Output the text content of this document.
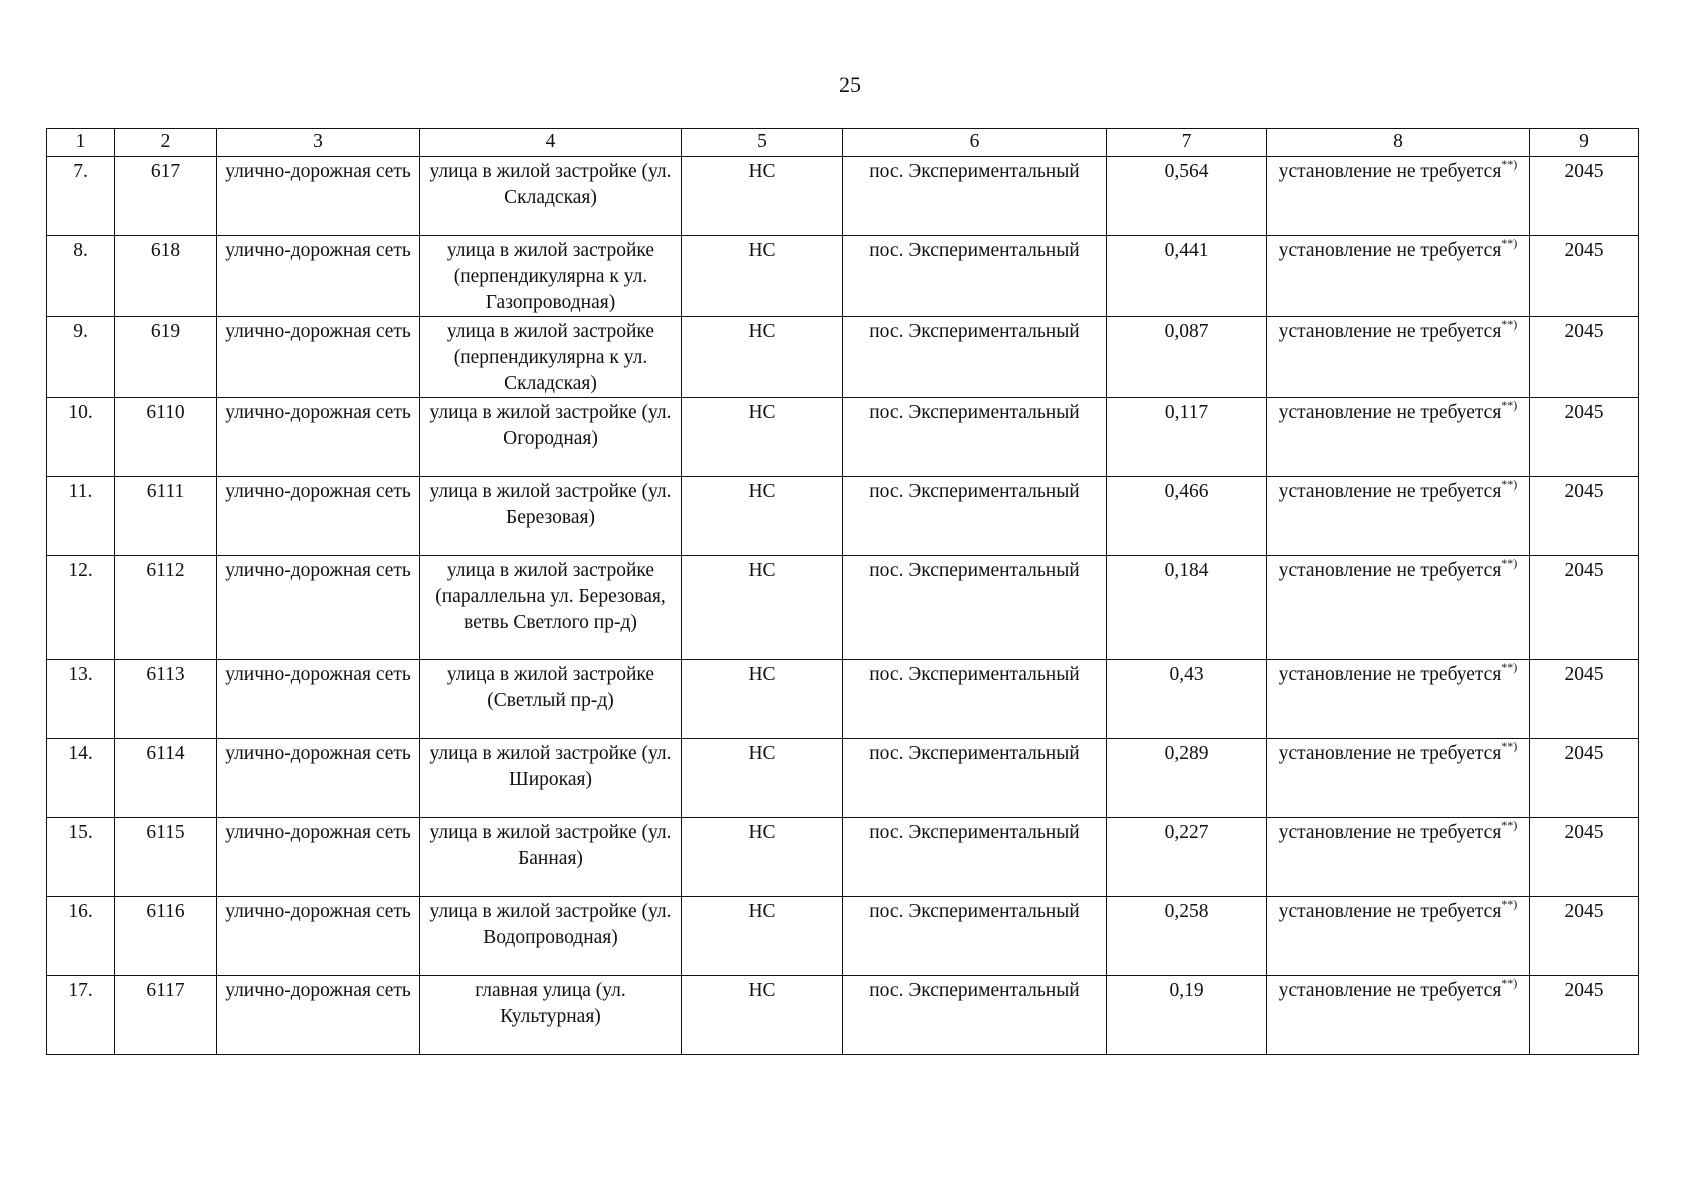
25
1	2	3	4	5	6	7	8	9
7.	617	улично-дорожная сеть	улица в жилой застройке (ул. Складская)	НС	пос. Экспериментальный	0,564	установление не требуется**)	2045
8.	618	улично-дорожная сеть	улица в жилой застройке (перпендикулярна к ул. Газопроводная)	НС	пос. Экспериментальный	0,441	установление не требуется**)	2045
9.	619	улично-дорожная сеть	улица в жилой застройке (перпендикулярна к ул. Складская)	НС	пос. Экспериментальный	0,087	установление не требуется**)	2045
10.	6110	улично-дорожная сеть	улица в жилой застройке (ул. Огородная)	НС	пос. Экспериментальный	0,117	установление не требуется**)	2045
11.	6111	улично-дорожная сеть	улица в жилой застройке (ул. Березовая)	НС	пос. Экспериментальный	0,466	установление не требуется**)	2045
12.	6112	улично-дорожная сеть	улица в жилой застройке (параллельна ул. Березовая, ветвь Светлого пр-д)	НС	пос. Экспериментальный	0,184	установление не требуется**)	2045
13.	6113	улично-дорожная сеть	улица в жилой застройке (Светлый пр-д)	НС	пос. Экспериментальный	0,43	установление не требуется**)	2045
14.	6114	улично-дорожная сеть	улица в жилой застройке (ул. Широкая)	НС	пос. Экспериментальный	0,289	установление не требуется**)	2045
15.	6115	улично-дорожная сеть	улица в жилой застройке (ул. Банная)	НС	пос. Экспериментальный	0,227	установление не требуется**)	2045
16.	6116	улично-дорожная сеть	улица в жилой застройке (ул. Водопроводная)	НС	пос. Экспериментальный	0,258	установление не требуется**)	2045
17.	6117	улично-дорожная сеть	главная улица (ул. Культурная)	НС	пос. Экспериментальный	0,19	установление не требуется**)	2045
